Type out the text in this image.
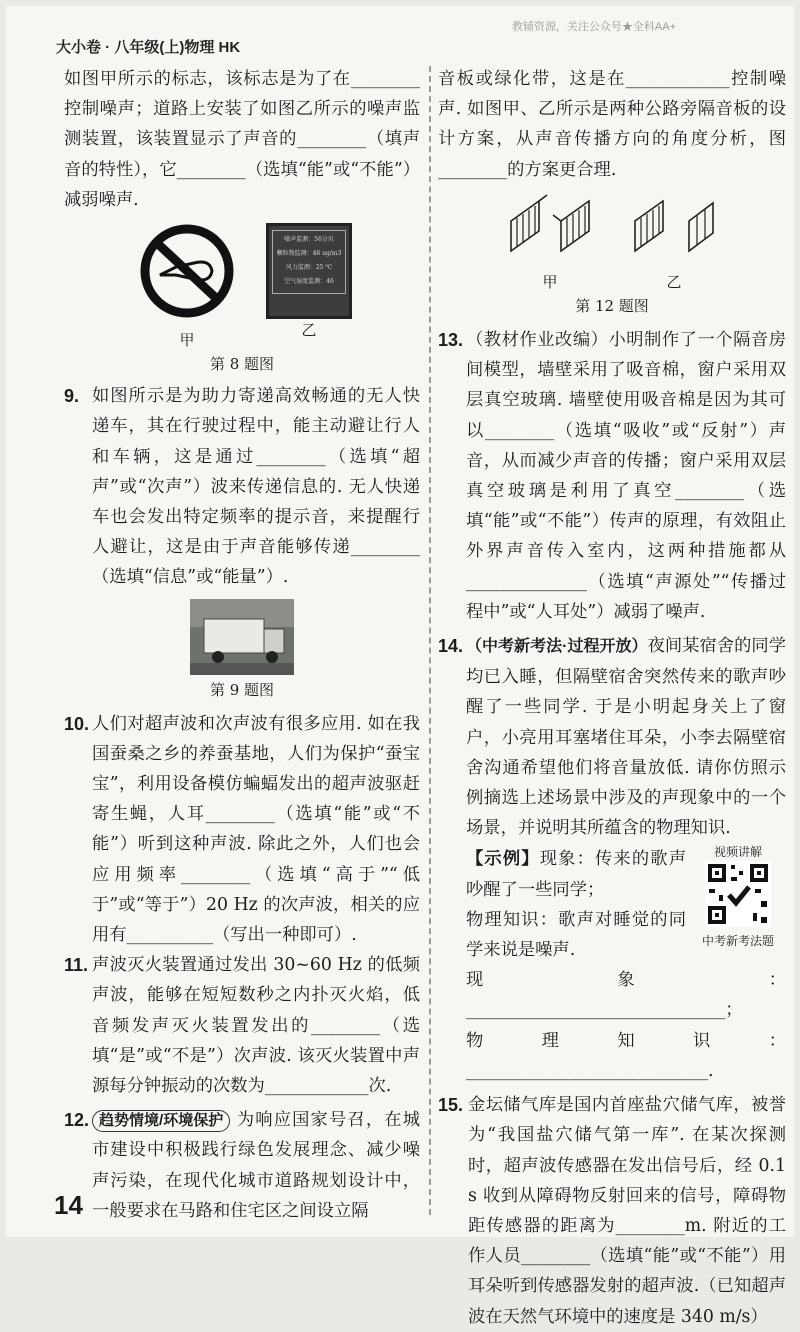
教辅资源，关注公众号★全科AA+
大小卷 · 八年级(上)物理 HK
如图甲所示的标志，该标志是为了在________控制噪声；道路上安装了如图乙所示的噪声监测装置，该装置显示了声音的________（填声音的特性），它________（选填“能”或“不能”）减弱噪声.
甲
噪声监测：56分贝
颗粒物监测：46 ug/m3
风力监测：25 ℃
空气湿度监测：46
乙
第 8 题图
9. 如图所示是为助力寄递高效畅通的无人快递车，其在行驶过程中，能主动避让行人和车辆，这是通过________（选填“超声”或“次声”）波来传递信息的. 无人快递车也会发出特定频率的提示音，来提醒行人避让，这是由于声音能够传递________（选填“信息”或“能量”）.
第 9 题图
10. 人们对超声波和次声波有很多应用. 如在我国蚕桑之乡的养蚕基地，人们为保护“蚕宝宝”，利用设备模仿蝙蝠发出的超声波驱赶寄生蝇，人耳________（选填“能”或“不能”）听到这种声波. 除此之外，人们也会应用频率________（选填“高于”“低于”或“等于”）20 Hz 的次声波，相关的应用有__________（写出一种即可）.
11. 声波灭火装置通过发出 30~60 Hz 的低频声波，能够在短短数秒之内扑灭火焰，低音频发声灭火装置发出的________（选填“是”或“不是”）次声波. 该灭火装置中声源每分钟振动的次数为____________次.
12. 趋势情境/环境保护 为响应国家号召，在城市建设中积极践行绿色发展理念、减少噪声污染，在现代化城市道路规划设计中，一般要求在马路和住宅区之间设立隔
音板或绿化带，这是在____________控制噪声. 如图甲、乙所示是两种公路旁隔音板的设计方案，从声音传播方向的角度分析，图________的方案更合理.
甲	乙
第 12 题图
13. （教材作业改编）小明制作了一个隔音房间模型，墙壁采用了吸音棉，窗户采用双层真空玻璃. 墙壁使用吸音棉是因为其可以________（选填“吸收”或“反射”）声音，从而减少声音的传播；窗户采用双层真空玻璃是利用了真空________（选填“能”或“不能”）传声的原理，有效阻止外界声音传入室内，这两种措施都从______________（选填“声源处”“传播过程中”或“人耳处”）减弱了噪声.
14. （中考新考法·过程开放）夜间某宿舍的同学均已入睡，但隔壁宿舍突然传来的歌声吵醒了一些同学. 于是小明起身关上了窗户，小亮用耳塞堵住耳朵，小李去隔壁宿舍沟通希望他们将音量放低. 请你仿照示例摘选上述场景中涉及的声现象中的一个场景，并说明其所蕴含的物理知识.
【示例】现象：传来的歌声吵醒了一些同学；
物理知识：歌声对睡觉的同学来说是噪声.
视频讲解
中考新考法题
现象：______________________________；
物理知识：____________________________.
15. 金坛储气库是国内首座盐穴储气库，被誉为“我国盐穴储气第一库”. 在某次探测时，超声波传感器在发出信号后，经 0.1 s 收到从障碍物反射回来的信号，障碍物距传感器的距离为________m. 附近的工作人员________（选填“能”或“不能”）用耳朵听到传感器发射的超声波.（已知超声波在天然气环境中的速度是 340 m/s）
14
